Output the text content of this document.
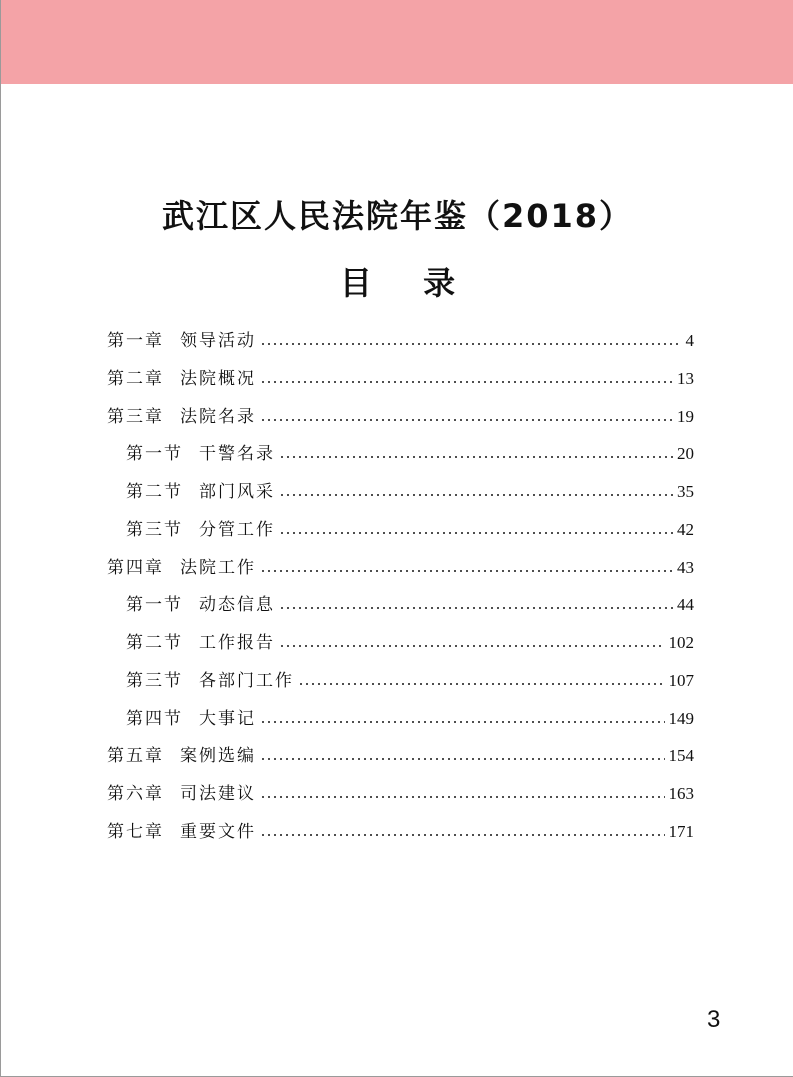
武江区人民法院年鉴（2018）
目 录
第一章 领导活动	4
第二章 法院概况	13
第三章 法院名录	19
第一节 干警名录	20
第二节 部门风采	35
第三节 分管工作	42
第四章 法院工作	43
第一节 动态信息	44
第二节 工作报告	102
第三节 各部门工作	107
第四节 大事记	149
第五章 案例选编	154
第六章 司法建议	163
第七章 重要文件	171
3
